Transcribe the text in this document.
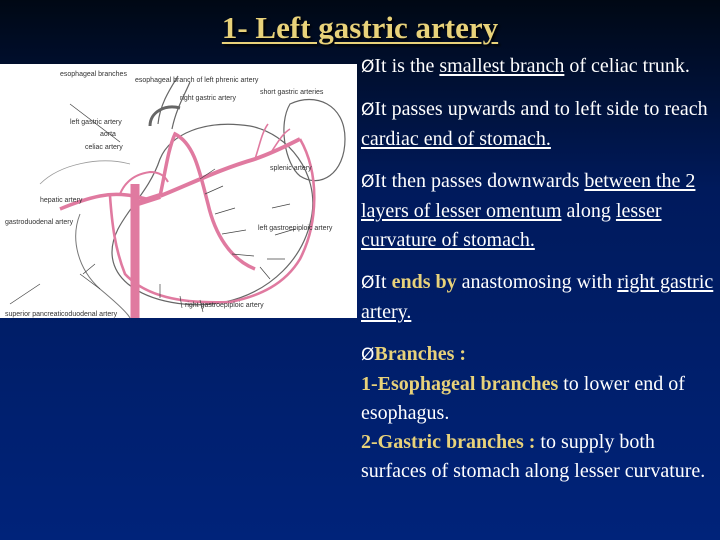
1- Left gastric artery
esophageal branches
esophageal branch of left phrenic artery
right gastric artery
short gastric arteries
left gastric artery
aorta
celiac artery
splenic artery
hepatic artery
gastroduodenal artery
left gastroepiploic artery
right gastroepiploic artery
superior pancreaticoduodenal artery
ØIt is the smallest branch of celiac trunk.
ØIt passes upwards and to left side to reach cardiac end of stomach.
ØIt then passes downwards between the 2 layers of lesser omentum along lesser curvature of stomach.
ØIt ends by anastomosing with right gastric artery.
ØBranches :
1-Esophageal branches to lower end of esophagus.
2-Gastric branches : to supply both surfaces of stomach along lesser curvature.
